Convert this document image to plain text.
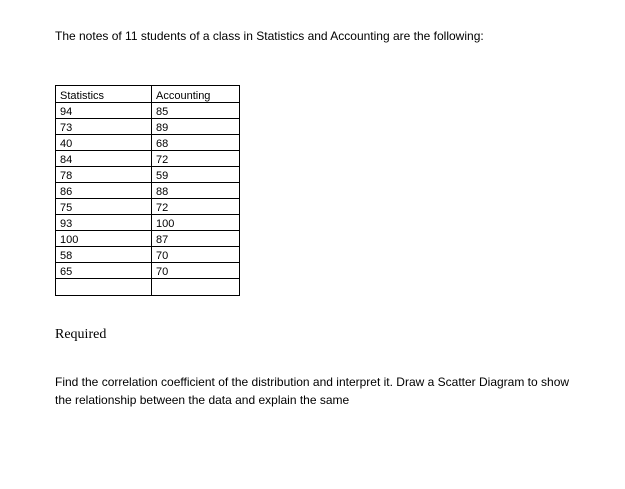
The notes of 11 students of a class in Statistics and Accounting are the following:
Statistics	Accounting
94	85
73	89
40	68
84	72
78	59
86	88
75	72
93	100
100	87
58	70
65	70

Required
Find the correlation coefficient of the distribution and interpret it. Draw a Scatter Diagram to show the relationship between the data and explain the same
